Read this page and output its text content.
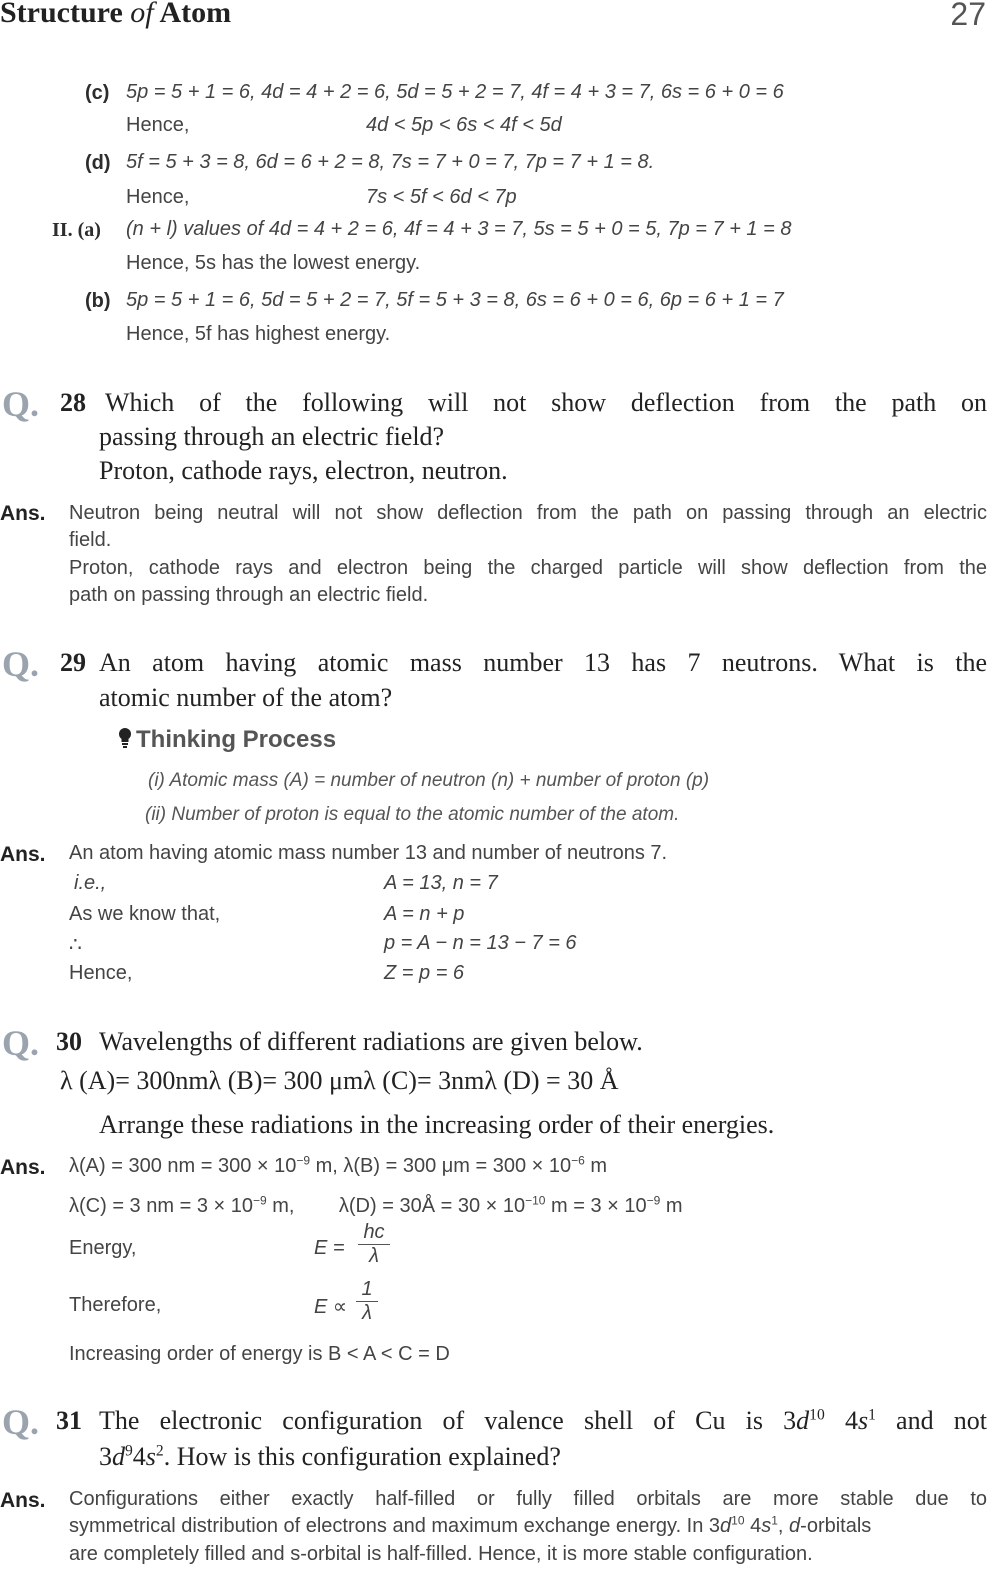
Structure of Atom	27
(c) 5p = 5 + 1 = 6, 4d = 4 + 2 = 6, 5d = 5 + 2 = 7, 4f = 4 + 3 = 7, 6s = 6 + 0 = 6
Hence,	4d < 5p < 6s < 4f < 5d
(d) 5f = 5 + 3 = 8, 6d = 6 + 2 = 8, 7s = 7 + 0 = 7, 7p = 7 + 1 = 8.
Hence,	7s < 5f < 6d < 7p
II. (a) (n + l) values of 4d = 4 + 2 = 6, 4f = 4 + 3 = 7, 5s = 5 + 0 = 5, 7p = 7 + 1 = 8
Hence, 5s has the lowest energy.
(b) 5p = 5 + 1 = 6, 5d = 5 + 2 = 7, 5f = 5 + 3 = 8, 6s = 6 + 0 = 6, 6p = 6 + 1 = 7
Hence, 5f has highest energy.
Q. 28 Which of the following will not show deflection from the path on
passing through an electric field?
Proton, cathode rays, electron, neutron.
Ans. Neutron being neutral will not show deflection from the path on passing through an electric
field.
Proton, cathode rays and electron being the charged particle will show deflection from the
path on passing through an electric field.
Q. 29 An atom having atomic mass number 13 has 7 neutrons. What is the
atomic number of the atom?
Thinking Process
(i) Atomic mass (A) = number of neutron (n) + number of proton (p)
(ii) Number of proton is equal to the atomic number of the atom.
Ans. An atom having atomic mass number 13 and number of neutrons 7.
i.e.,	A = 13, n = 7
As we know that,	A = n + p
∴	p = A − n = 13 − 7 = 6
Hence,	Z = p = 6
Q. 30 Wavelengths of different radiations are given below.
λ (A)= 300nmλ (B)= 300 μmλ (C)= 3nmλ (D) = 30 Å
Arrange these radiations in the increasing order of their energies.
Ans. λ(A) = 300 nm = $300 \times 10^{-9}$ m, λ(B) = 300 $\mu m = 300 \times 10^{-6}$ m
λ(C) = 3 nm = $3 \times 10^{-9}$ m,        λ(D) = 30Å = $30 \times 10^{-10}$ $m = 3 \times 10^{-9}$ m
Energy,	$E = \frac{hc}{\lambda}$
Therefore,	$E \propto \frac{1}{\lambda}$
Increasing order of energy is B < A < C = D
Q. 31 The electronic configuration of valence shell of Cu is $3d^{10}$ $4s^1$ and not
$3d^94s^2$. How is this configuration explained?
Ans. Configurations either exactly half-filled or fully filled orbitals are more stable due to
symmetrical distribution of electrons and maximum exchange energy. In $3d^{10}$ $4s^1$, d-orbitals
are completely filled and s-orbital is half-filled. Hence, it is more stable configuration.
